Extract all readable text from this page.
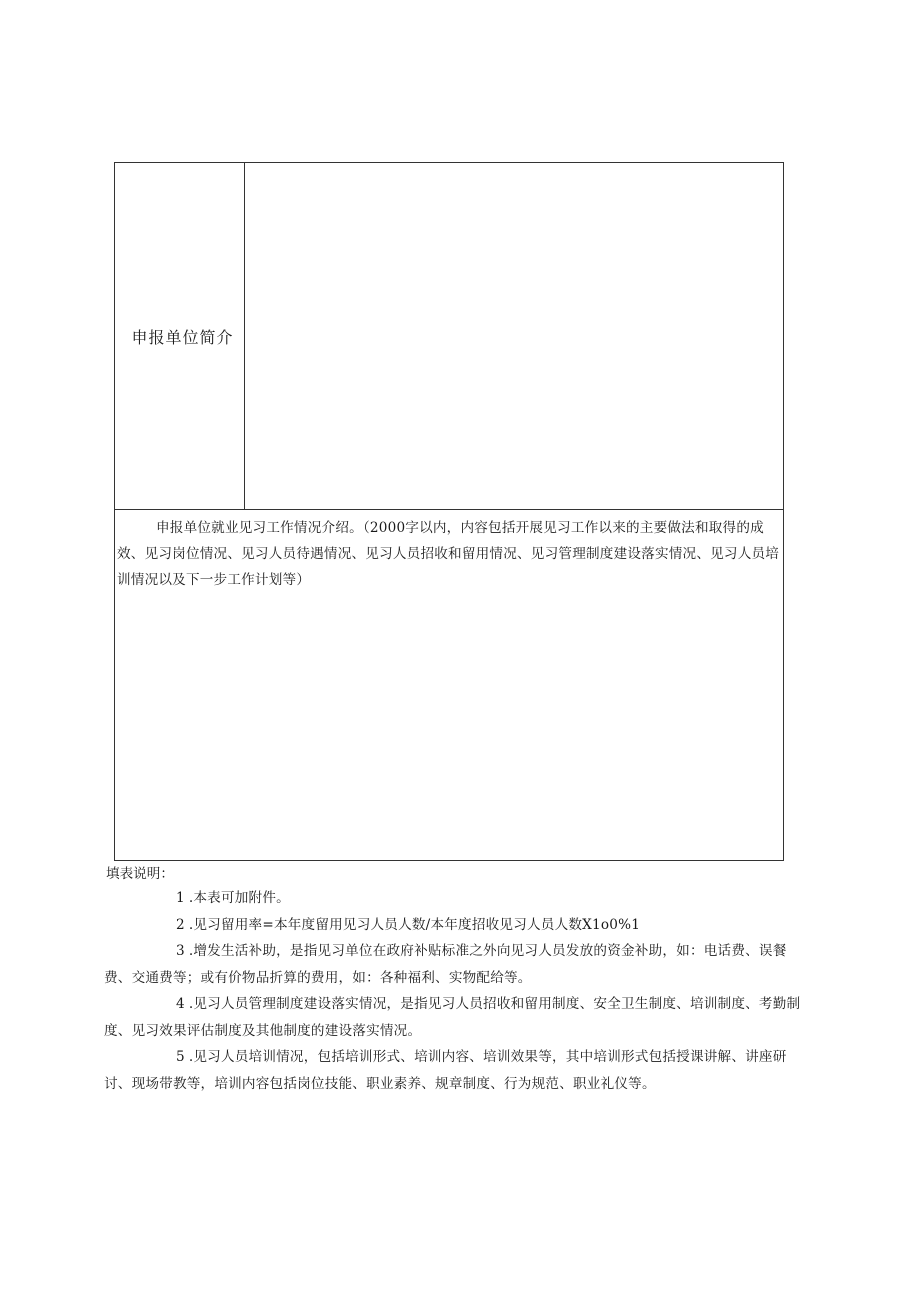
申报单位简介

申报单位就业见习工作情况介绍。（2000字以内，内容包括开展见习工作以来的主要做法和取得的成效、见习岗位情况、见习人员待遇情况、见习人员招收和留用情况、见习管理制度建设落实情况、见习人员培训情况以及下一步工作计划等）

填表说明：

1 .本表可加附件。

2 .见习留用率=本年度留用见习人员人数/本年度招收见习人员人数X1o0%1

3 .增发生活补助，是指见习单位在政府补贴标准之外向见习人员发放的资金补助，如：电话费、误餐费、交通费等；或有价物品折算的费用，如：各种福利、实物配给等。

4 .见习人员管理制度建设落实情况，是指见习人员招收和留用制度、安全卫生制度、培训制度、考勤制度、见习效果评估制度及其他制度的建设落实情况。

5 .见习人员培训情况，包括培训形式、培训内容、培训效果等，其中培训形式包括授课讲解、讲座研讨、现场带教等，培训内容包括岗位技能、职业素养、规章制度、行为规范、职业礼仪等。
